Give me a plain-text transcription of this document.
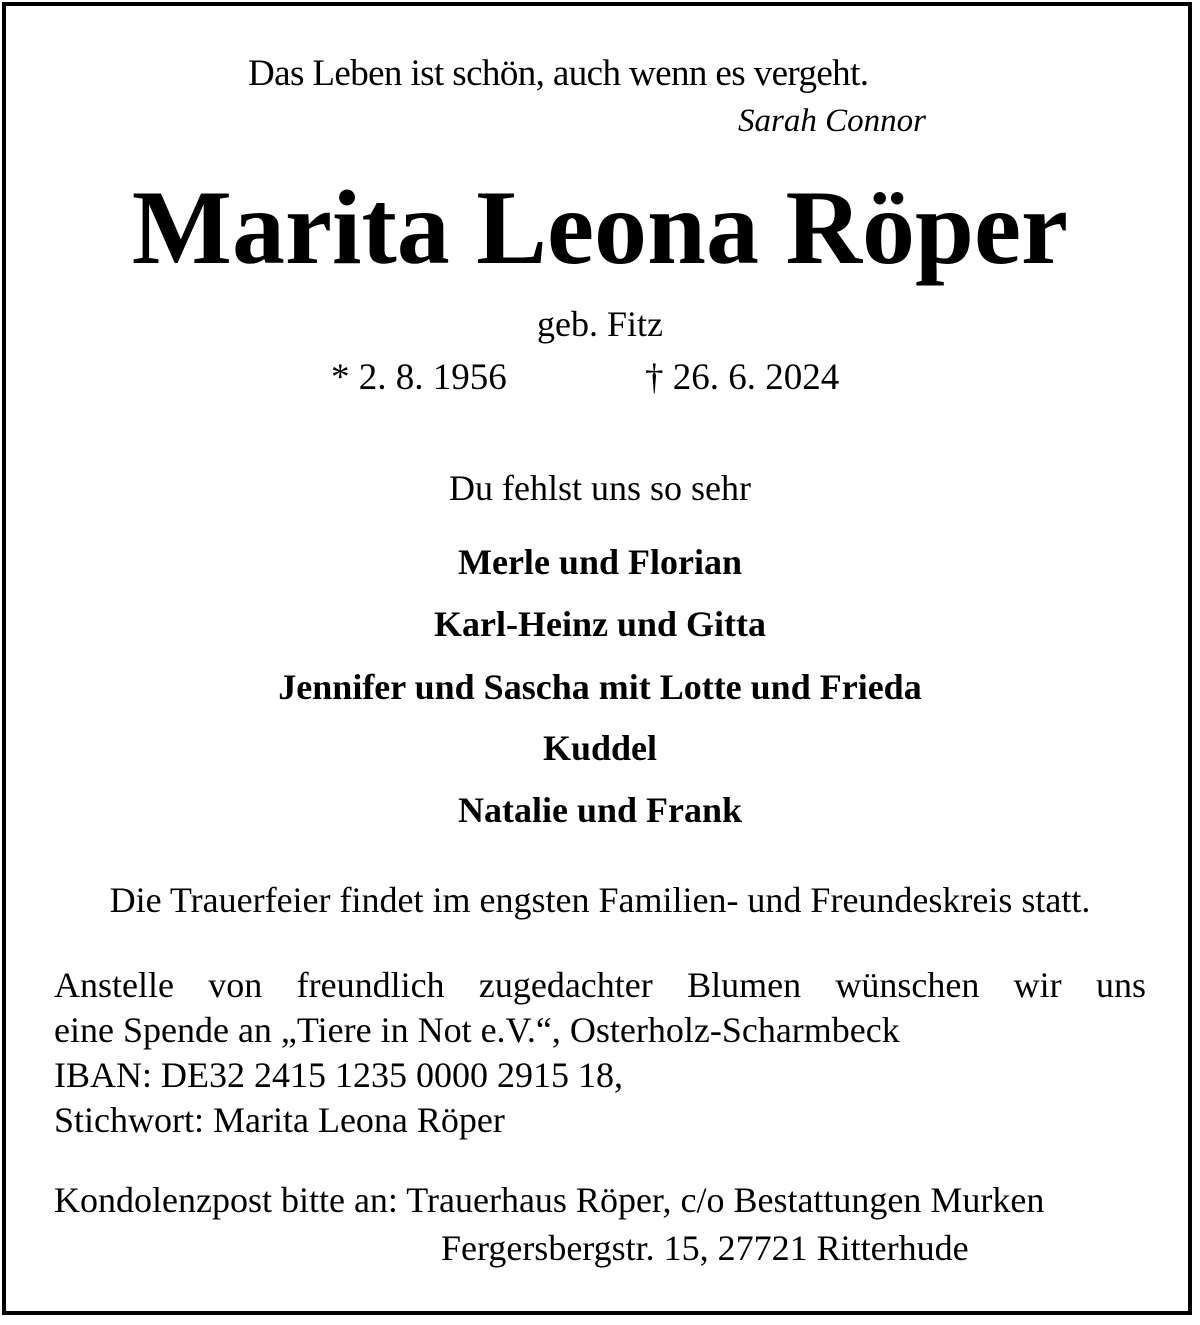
Das Leben ist schön, auch wenn es vergeht.
Sarah Connor
Marita Leona Röper
geb. Fitz
* 2. 8. 1956	† 26. 6. 2024
Du fehlst uns so sehr
Merle und Florian
Karl-Heinz und Gitta
Jennifer und Sascha mit Lotte und Frieda
Kuddel
Natalie und Frank
Die Trauerfeier findet im engsten Familien- und Freundeskreis statt.
Anstelle von freundlich zugedachter Blumen wünschen wir uns
eine Spende an „Tiere in Not e.V.“, Osterholz-Scharmbeck
IBAN: DE32 2415 1235 0000 2915 18,
Stichwort: Marita Leona Röper
Kondolenzpost bitte an: Trauerhaus Röper, c/o Bestattungen Murken
Fergersbergstr. 15, 27721 Ritterhude
